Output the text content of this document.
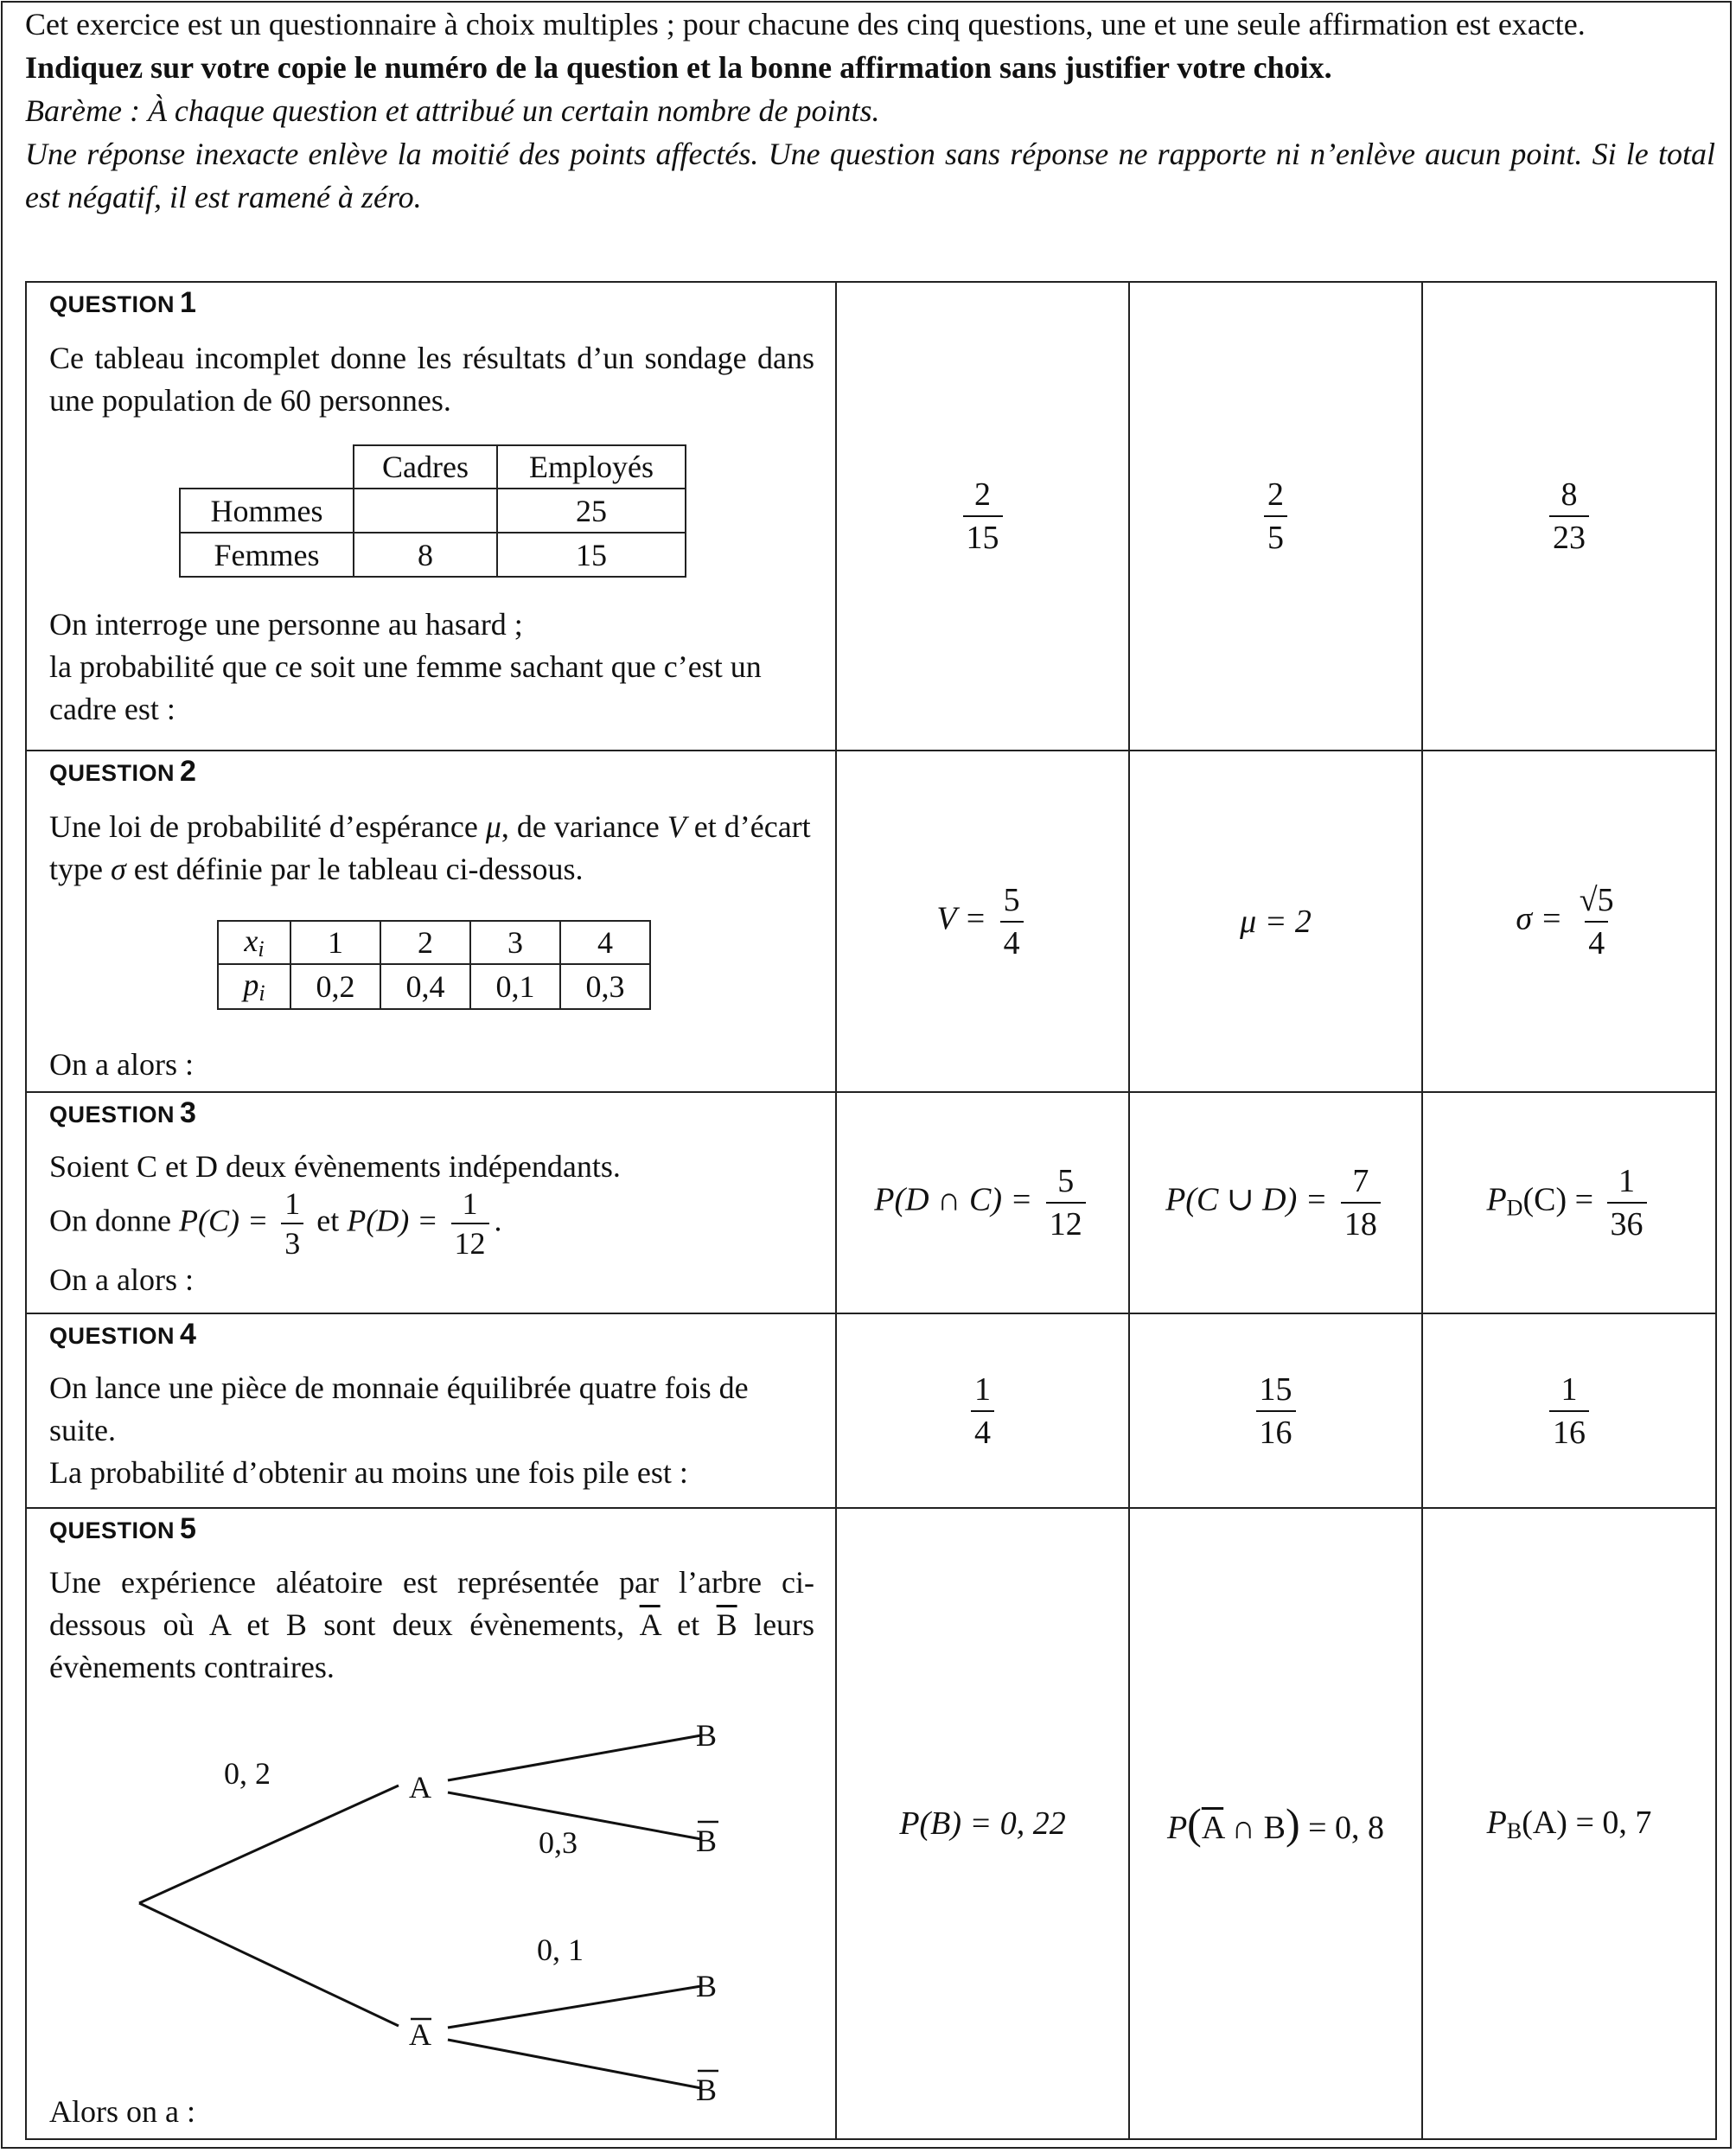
Cet exercice est un questionnaire à choix multiples ; pour chacune des cinq questions, une et une seule affirmation est exacte.

Indiquez sur votre copie le numéro de la question et la bonne affirmation sans justifier votre choix.

Barème : À chaque question et attribué un certain nombre de points.

Une réponse inexacte enlève la moitié des points affectés. Une question sans réponse ne rapporte ni n’enlève aucun point. Si le total est négatif, il est ramené à zéro.

QUESTION 1
Ce tableau incomplet donne les résultats d’un sondage dans une population de 60 personnes.
	Cadres	Employés
Hommes		25
Femmes	8	15
On interroge une personne au hasard ;
la probabilité que ce soit une femme sachant que c’est un cadre est :

$\frac{2}{15}$	$\frac{2}{5}$	$\frac{8}{23}$

QUESTION 2
Une loi de probabilité d’espérance μ, de variance V et d’écart type σ est définie par le tableau ci-dessous.
$x_i$	1	2	3	4
$p_i$	0,2	0,4	0,1	0,3
On a alors :
	$V = \frac{5}{4}$	μ = 2	$\sigma = \frac{√5}{4}$

QUESTION 3
Soient C et D deux évènements indépendants.
On donne $P(C) = \frac{1}{3}$ et $P(D) = \frac{1}{12}$ .
On a alors :
	P(D ∩ $C) = \frac{5}{12}$	P(C ∪ $D) = \frac{7}{18}$	$P_D(C) = \frac{1}{36}$

QUESTION 4
On lance une pièce de monnaie équilibrée quatre fois de suite.
La probabilité d’obtenir au moins une fois pile est :

$\frac{1}{4}$	$\frac{15}{16}$	$\frac{1}{16}$

QUESTION 5
Une expérience aléatoire est représentée par l’arbre ci-dessous où A et B sont deux évènements, $\overline{A}$ et $\overline{B}$ leurs évènements contraires.
0, 2
0,3
0, 1
A
A
B
B
B
B
Alors on a :
	P(B) = 0, 22	$P(\overline{A}$ ∩ B) = 0, 8	$P_B(A) = 0$, 7
